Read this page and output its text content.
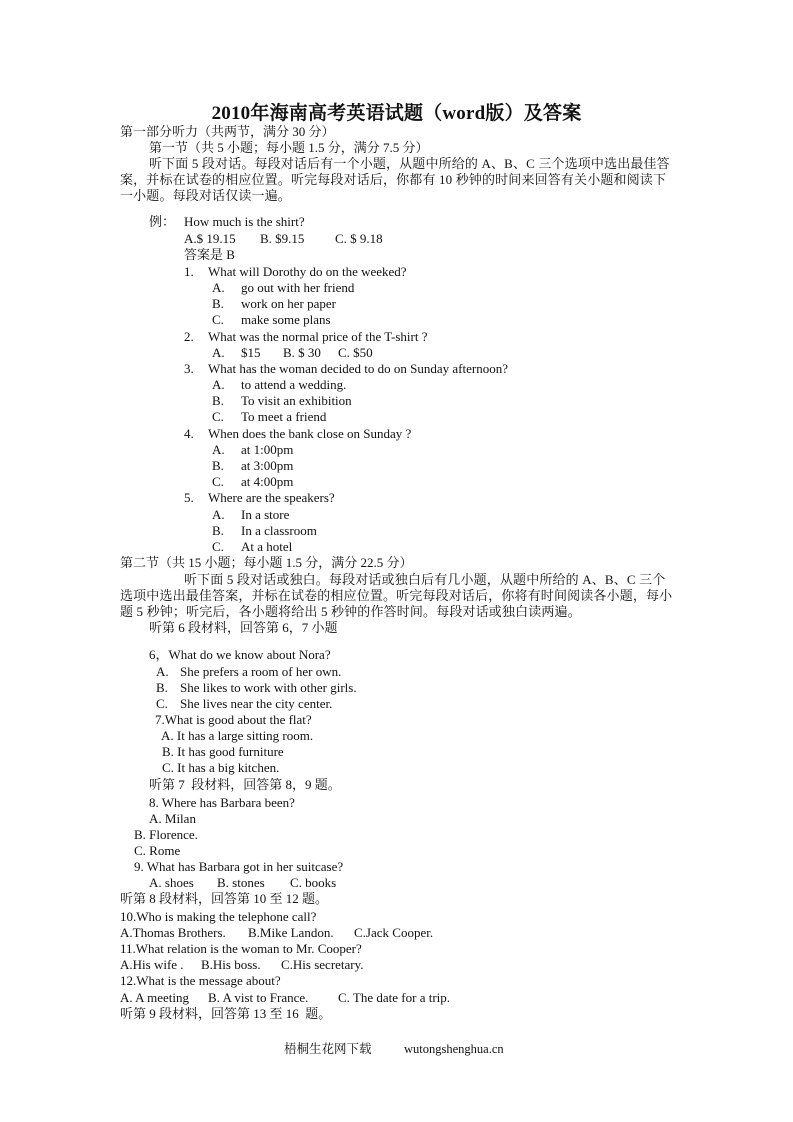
2010年海南高考英语试题（word版）及答案
第一部分听力（共两节，满分 30 分）
第一节（共 5 小题；每小题 1.5 分，满分 7.5 分）
听下面 5 段对话。每段对话后有一个小题，从题中所给的 A、B、C 三个选项中选出最佳答案，并标在试卷的相应位置。听完每段对话后，你都有 10 秒钟的时间来回答有关小题和阅读下一小题。每段对话仅读一遍。
例： How much is the shirt?
A.$ 19.15 B. $9.15 C. $ 9.18
答案是 B
1. What will Dorothy do on the weeked?
A. go out with her friend
B. work on her paper
C. make some plans
2. What was the normal price of the T-shirt ?
A. $15 B. $ 30 C. $50
3. What has the woman decided to do on Sunday afternoon?
A. to attend a wedding.
B. To visit an exhibition
C. To meet a friend
4. When does the bank close on Sunday ?
A. at 1:00pm
B. at 3:00pm
C. at 4:00pm
5. Where are the speakers?
A. In a store
B. In a classroom
C. At a hotel
第二节（共 15 小题；每小题 1.5 分，满分 22.5 分）
听下面 5 段对话或独白。每段对话或独白后有几小题，从题中所给的 A、B、C 三个选项中选出最佳答案，并标在试卷的相应位置。听完每段对话后，你将有时间阅读各小题，每小题 5 秒钟；听完后，各小题将给出 5 秒钟的作答时间。每段对话或独白读两遍。
听第 6 段材料，回答第 6，7 小题
6，What do we know about Nora?
A. She prefers a room of her own.
B. She likes to work with other girls.
C. She lives near the city center.
7.What is good about the flat?
A. It has a large sitting room.
B. It has good furniture
C. It has a big kitchen.
听第 7  段材料，回答第 8，9 题。
8. Where has Barbara been?
A. Milan
B. Florence.
C. Rome
9. What has Barbara got in her suitcase?
A. shoes B. stones C. books
听第 8 段材料，回答第 10 至 12 题。
10.Who is making the telephone call?
A.Thomas Brothers. B.Mike Landon. C.Jack Cooper.
11.What relation is the woman to Mr. Cooper?
A.His wife . B.His boss. C.His secretary.
12.What is the message about?
A. A meeting B. A vist to France. C. The date for a trip.
听第 9 段材料，回答第 13 至 16  题。
梧桐生花网下载	wutongshenghua.cn
